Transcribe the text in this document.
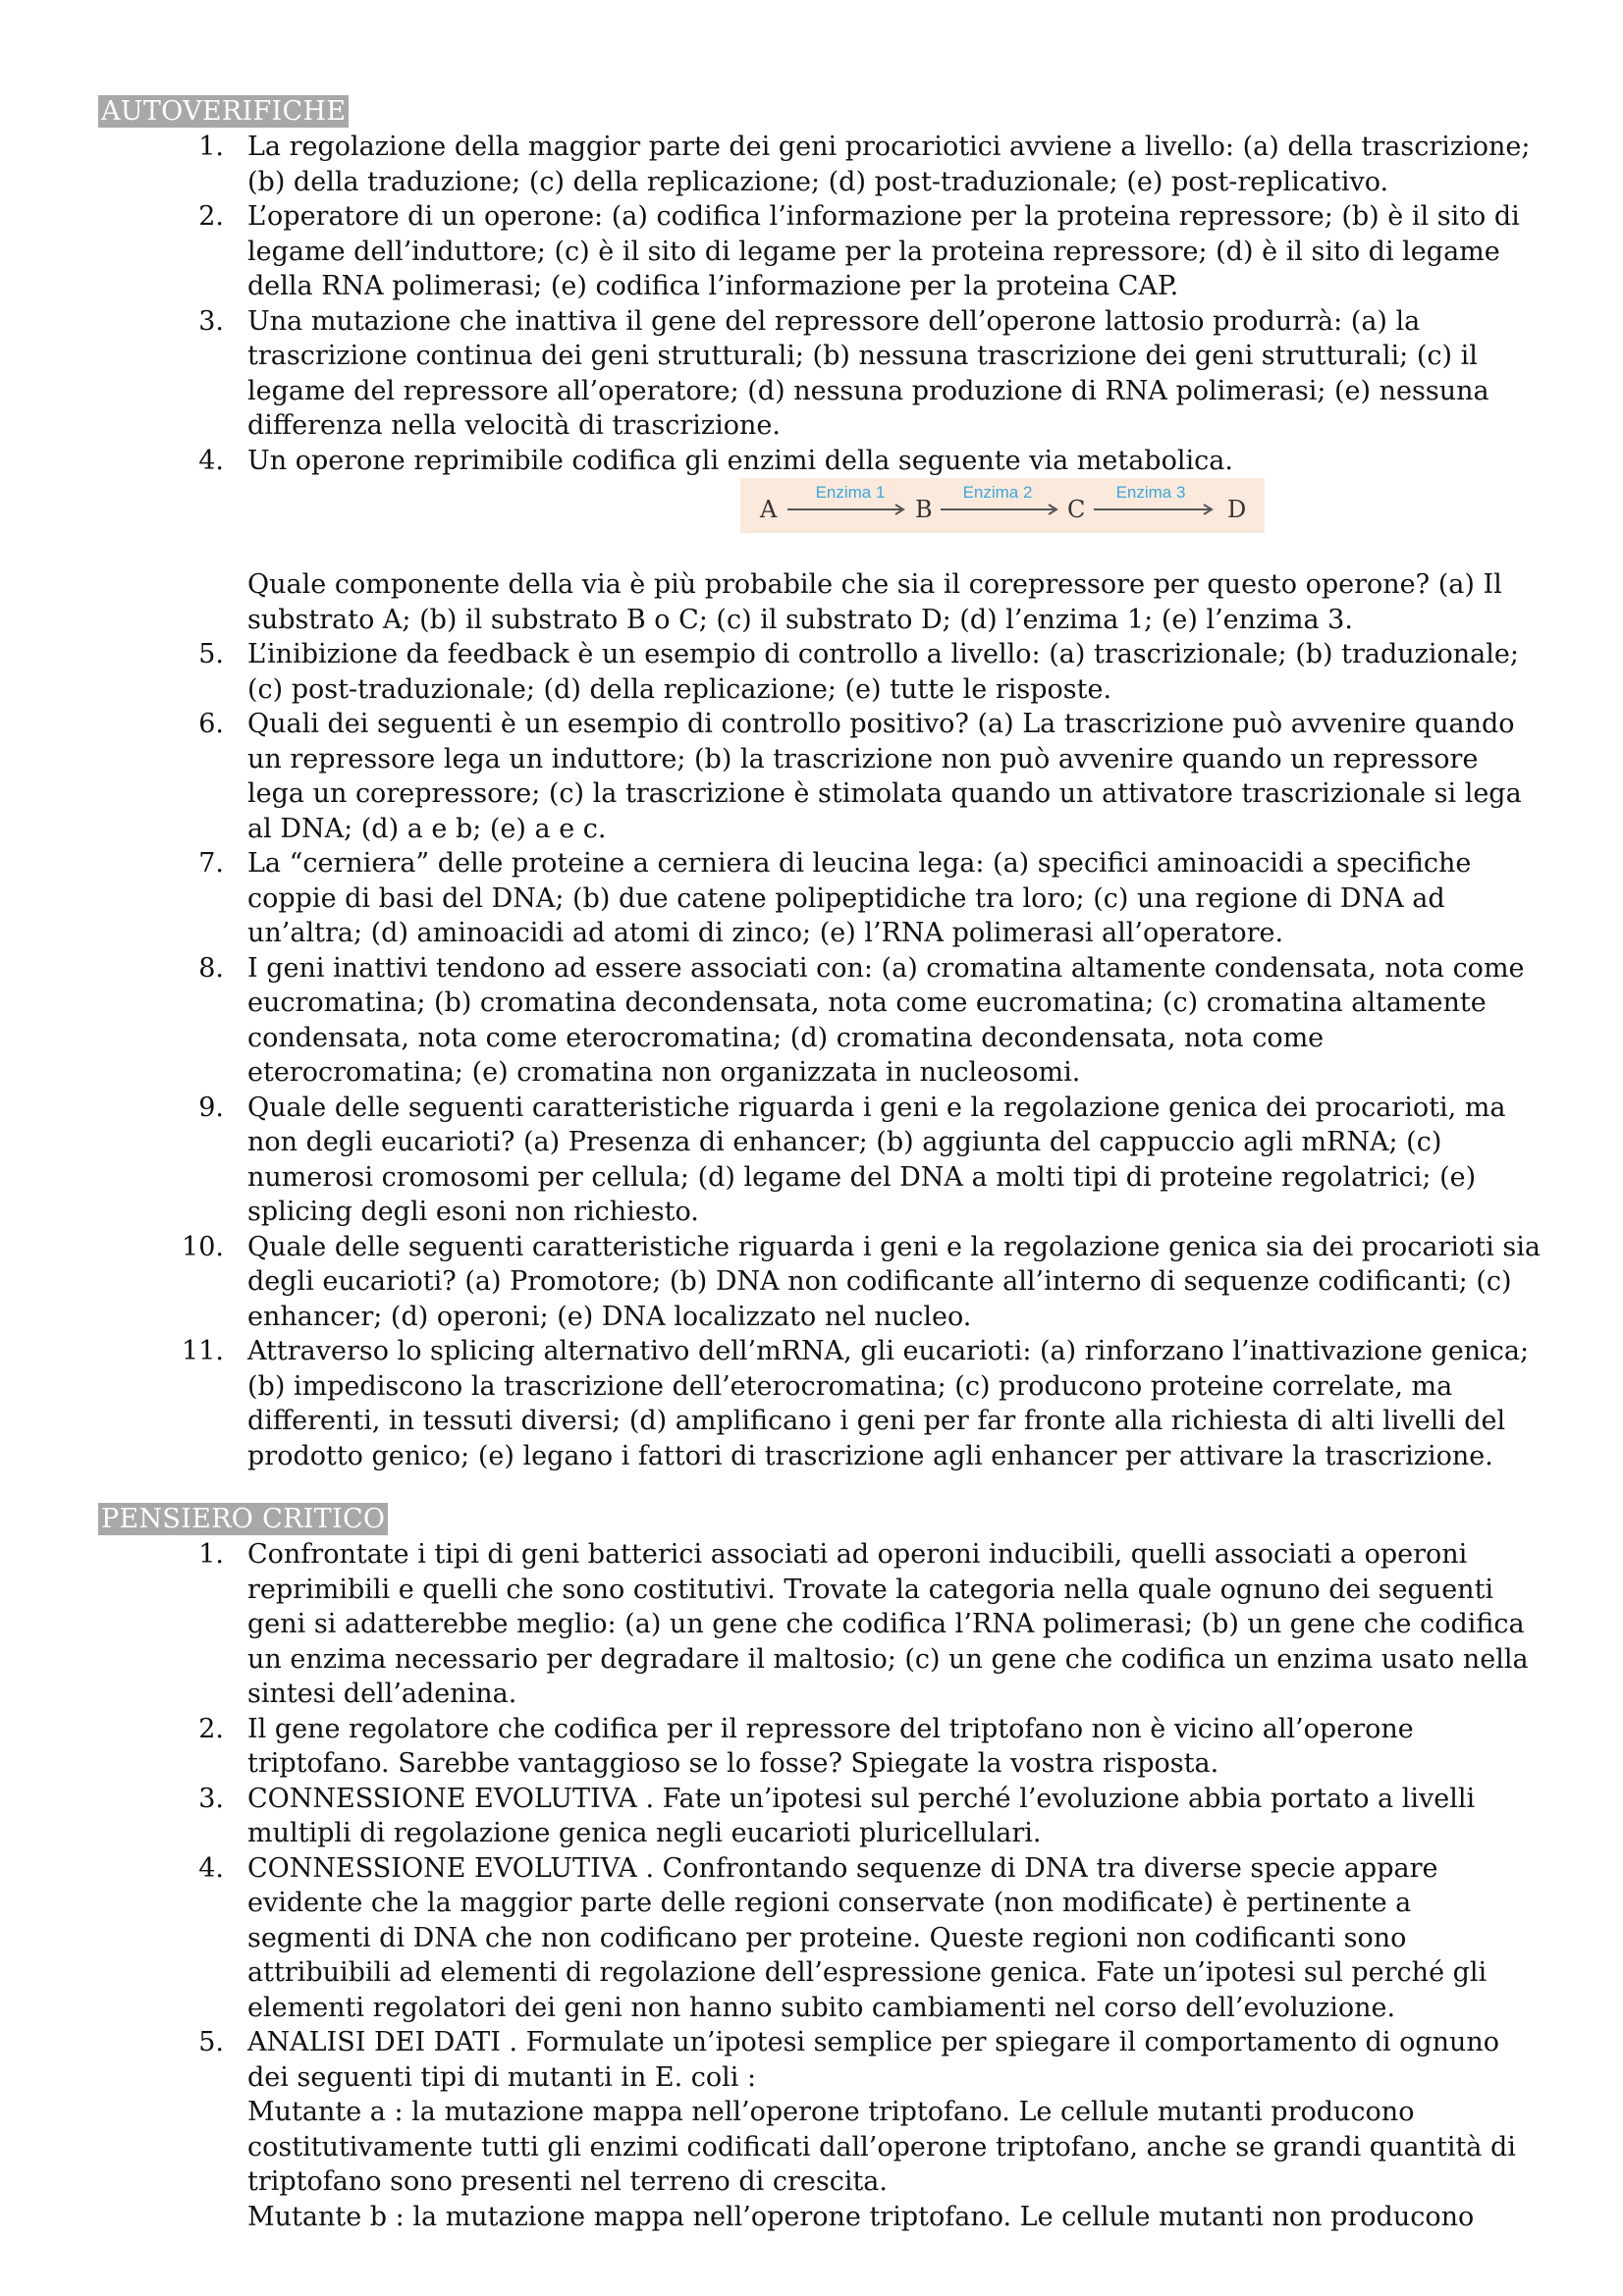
AUTOVERIFICHE
1. La regolazione della maggior parte dei geni procariotici avviene a livello: (a) della trascrizione; (b) della traduzione; (c) della replicazione; (d) post-traduzionale; (e) post-replicativo.
2. L’operatore di un operone: (a) codifica l’informazione per la proteina repressore; (b) è il sito di legame dell’induttore; (c) è il sito di legame per la proteina repressore; (d) è il sito di legame della RNA polimerasi; (e) codifica l’informazione per la proteina CAP.
3. Una mutazione che inattiva il gene del repressore dell’operone lattosio produrrà: (a) la trascrizione continua dei geni strutturali; (b) nessuna trascrizione dei geni strutturali; (c) il legame del repressore all’operatore; (d) nessuna produzione di RNA polimerasi; (e) nessuna differenza nella velocità di trascrizione.
4. Un operone reprimibile codifica gli enzimi della seguente via metabolica.
A	B	C	D
Enzima 1	Enzima 2	Enzima 3
Quale componente della via è più probabile che sia il corepressore per questo operone? (a) Il substrato A; (b) il substrato B o C; (c) il substrato D; (d) l’enzima 1; (e) l’enzima 3.
5. L’inibizione da feedback è un esempio di controllo a livello: (a) trascrizionale; (b) traduzionale; (c) post-traduzionale; (d) della replicazione; (e) tutte le risposte.
6. Quali dei seguenti è un esempio di controllo positivo? (a) La trascrizione può avvenire quando un repressore lega un induttore; (b) la trascrizione non può avvenire quando un repressore lega un corepressore; (c) la trascrizione è stimolata quando un attivatore trascrizionale si lega al DNA; (d) a e b; (e) a e c.
7. La “cerniera” delle proteine a cerniera di leucina lega: (a) specifici aminoacidi a specifiche coppie di basi del DNA; (b) due catene polipeptidiche tra loro; (c) una regione di DNA ad un’altra; (d) aminoacidi ad atomi di zinco; (e) l’RNA polimerasi all’operatore.
8. I geni inattivi tendono ad essere associati con: (a) cromatina altamente condensata, nota come eucromatina; (b) cromatina decondensata, nota come eucromatina; (c) cromatina altamente condensata, nota come eterocromatina; (d) cromatina decondensata, nota come eterocromatina; (e) cromatina non organizzata in nucleosomi.
9. Quale delle seguenti caratteristiche riguarda i geni e la regolazione genica dei procarioti, ma non degli eucarioti? (a) Presenza di enhancer; (b) aggiunta del cappuccio agli mRNA; (c) numerosi cromosomi per cellula; (d) legame del DNA a molti tipi di proteine regolatrici; (e) splicing degli esoni non richiesto.
10. Quale delle seguenti caratteristiche riguarda i geni e la regolazione genica sia dei procarioti sia degli eucarioti? (a) Promotore; (b) DNA non codificante all’interno di sequenze codificanti; (c) enhancer; (d) operoni; (e) DNA localizzato nel nucleo.
11. Attraverso lo splicing alternativo dell’mRNA, gli eucarioti: (a) rinforzano l’inattivazione genica; (b) impediscono la trascrizione dell’eterocromatina; (c) producono proteine correlate, ma differenti, in tessuti diversi; (d) amplificano i geni per far fronte alla richiesta di alti livelli del prodotto genico; (e) legano i fattori di trascrizione agli enhancer per attivare la trascrizione.
PENSIERO CRITICO
1. Confrontate i tipi di geni batterici associati ad operoni inducibili, quelli associati a operoni reprimibili e quelli che sono costitutivi. Trovate la categoria nella quale ognuno dei seguenti geni si adatterebbe meglio: (a) un gene che codifica l’RNA polimerasi; (b) un gene che codifica un enzima necessario per degradare il maltosio; (c) un gene che codifica un enzima usato nella sintesi dell’adenina.
2. Il gene regolatore che codifica per il repressore del triptofano non è vicino all’operone triptofano. Sarebbe vantaggioso se lo fosse? Spiegate la vostra risposta.
3. CONNESSIONE EVOLUTIVA . Fate un’ipotesi sul perché l’evoluzione abbia portato a livelli multipli di regolazione genica negli eucarioti pluricellulari.
4. CONNESSIONE EVOLUTIVA . Confrontando sequenze di DNA tra diverse specie appare evidente che la maggior parte delle regioni conservate (non modificate) è pertinente a segmenti di DNA che non codificano per proteine. Queste regioni non codificanti sono attribuibili ad elementi di regolazione dell’espressione genica. Fate un’ipotesi sul perché gli elementi regolatori dei geni non hanno subito cambiamenti nel corso dell’evoluzione.
5. ANALISI DEI DATI . Formulate un’ipotesi semplice per spiegare il comportamento di ognuno dei seguenti tipi di mutanti in E. coli :
Mutante a : la mutazione mappa nell’operone triptofano. Le cellule mutanti producono costitutivamente tutti gli enzimi codificati dall’operone triptofano, anche se grandi quantità di triptofano sono presenti nel terreno di crescita.
Mutante b : la mutazione mappa nell’operone triptofano. Le cellule mutanti non producono
